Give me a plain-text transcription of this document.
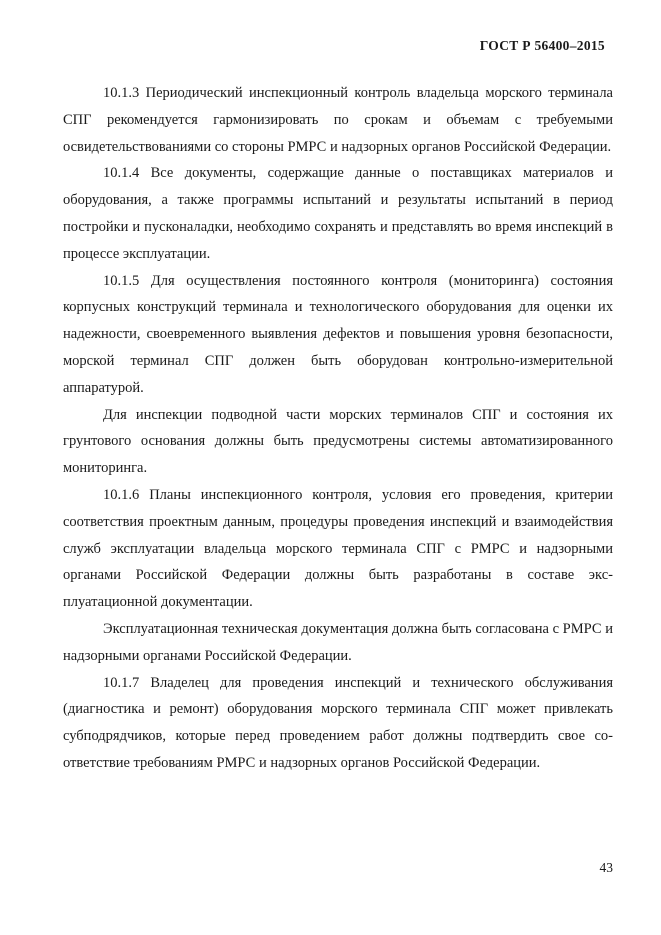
ГОСТ Р 56400–2015

10.1.3 Периодический инспекционный контроль владельца морского терминала СПГ рекомендуется гармонизировать по срокам и объемам с требуемыми освидетельствованиями со стороны РМРС и надзорных органов Российской Федерации.

10.1.4 Все документы, содержащие данные о поставщиках материалов и оборудования, а также программы испытаний и результаты испытаний в период постройки и пусконаладки, необходимо сохранять и представлять во время инспекций в процессе эксплуатации.

10.1.5 Для осуществления постоянного контроля (мониторинга) состояния корпусных конструкций терминала и технологического оборудования для оценки их надежности, своевременного выявления дефектов и повышения уровня безопасности, морской терминал СПГ должен быть оборудован контрольно-измерительной аппаратурой.

Для инспекции подводной части морских терминалов СПГ и состояния их грунтового основания должны быть предусмотрены системы автоматизированного мониторинга.

10.1.6 Планы инспекционного контроля, условия его проведения, критерии соответствия проектным данным, процедуры проведения инспекций и взаимодействия служб эксплуатации владельца морского терминала СПГ с РМРС и надзорными органами Российской Федерации должны быть разработаны в составе эксплуатационной документации.

Эксплуатационная техническая документация должна быть согласована с РМРС и надзорными органами Российской Федерации.

10.1.7 Владелец для проведения инспекций и технического обслуживания (диагностика и ремонт) оборудования морского терминала СПГ может привлекать субподрядчиков, которые перед проведением работ должны подтвердить свое соответствие требованиям РМРС и надзорных органов Российской Федерации.

43
